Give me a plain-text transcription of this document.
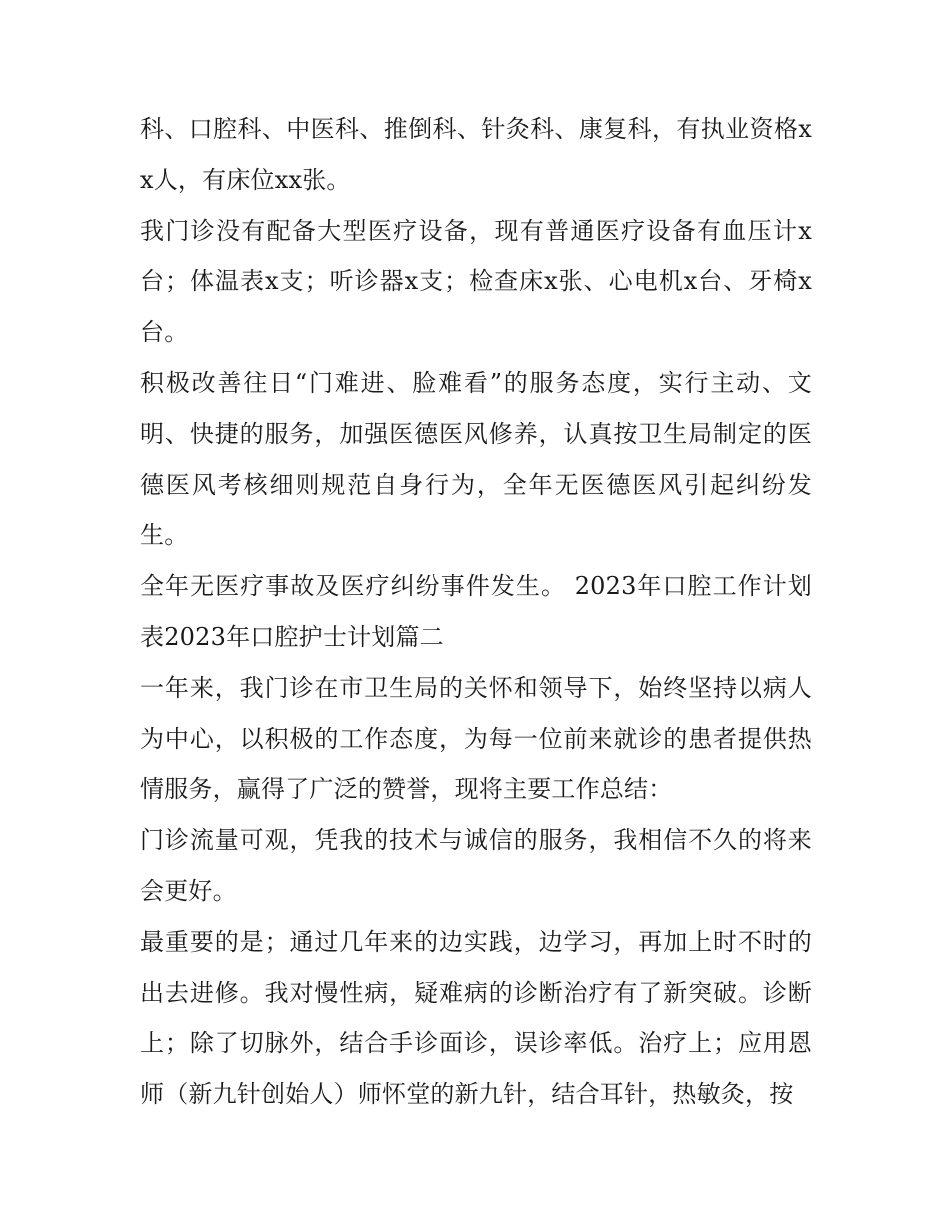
科、口腔科、中医科、推倒科、针灸科、康复科，有执业资格xx人，有床位xx张。

我门诊没有配备大型医疗设备，现有普通医疗设备有血压计x台；体温表x支；听诊器x支；检查床x张、心电机x台、牙椅x台。

积极改善往日“门难进、脸难看”的服务态度，实行主动、文明、快捷的服务，加强医德医风修养，认真按卫生局制定的医德医风考核细则规范自身行为，全年无医德医风引起纠纷发生。

全年无医疗事故及医疗纠纷事件发生。 2023年口腔工作计划表2023年口腔护士计划篇二

一年来，我门诊在市卫生局的关怀和领导下，始终坚持以病人为中心，以积极的工作态度，为每一位前来就诊的患者提供热情服务，赢得了广泛的赞誉，现将主要工作总结：

门诊流量可观，凭我的技术与诚信的服务，我相信不久的将来会更好。

最重要的是；通过几年来的边实践，边学习，再加上时不时的出去进修。我对慢性病，疑难病的诊断治疗有了新突破。诊断上；除了切脉外，结合手诊面诊，误诊率低。治疗上；应用恩师（新九针创始人）师怀堂的新九针，结合耳针，热敏灸，按
